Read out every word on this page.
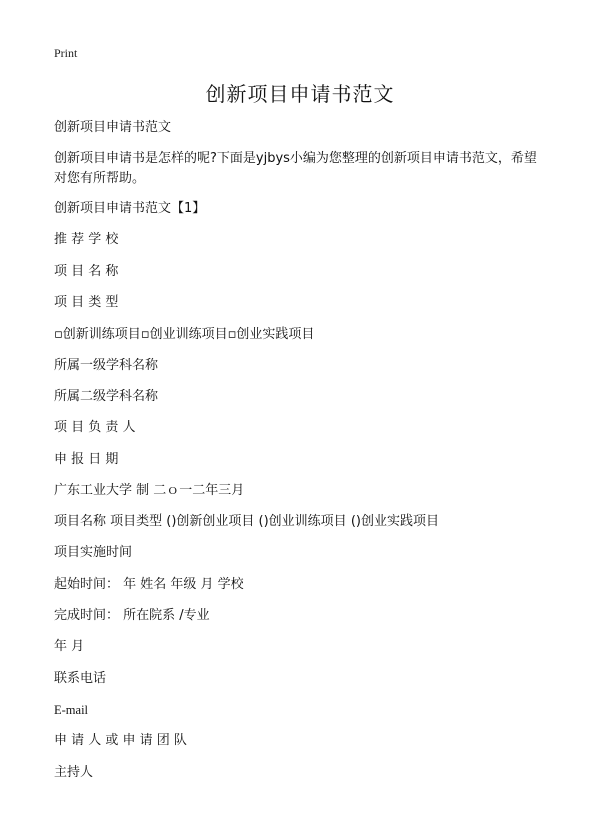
Print
创新项目申请书范文
创新项目申请书范文
创新项目申请书是怎样的呢?下面是yjbys小编为您整理的创新项目申请书范文，希望对您有所帮助。
创新项目申请书范文【1】
推 荐 学 校
项 目 名 称
项 目 类 型
▫创新训练项目▫创业训练项目▫创业实践项目
所属一级学科名称
所属二级学科名称
项 目 负 责 人
申 报 日 期
广东工业大学 制 二ｏ一二年三月
项目名称 项目类型 ()创新创业项目 ()创业训练项目 ()创业实践项目
项目实施时间
起始时间： 年 姓名 年级 月 学校
完成时间： 所在院系 /专业
年 月
联系电话
E-mail
申 请 人 或 申 请 团 队
主持人
